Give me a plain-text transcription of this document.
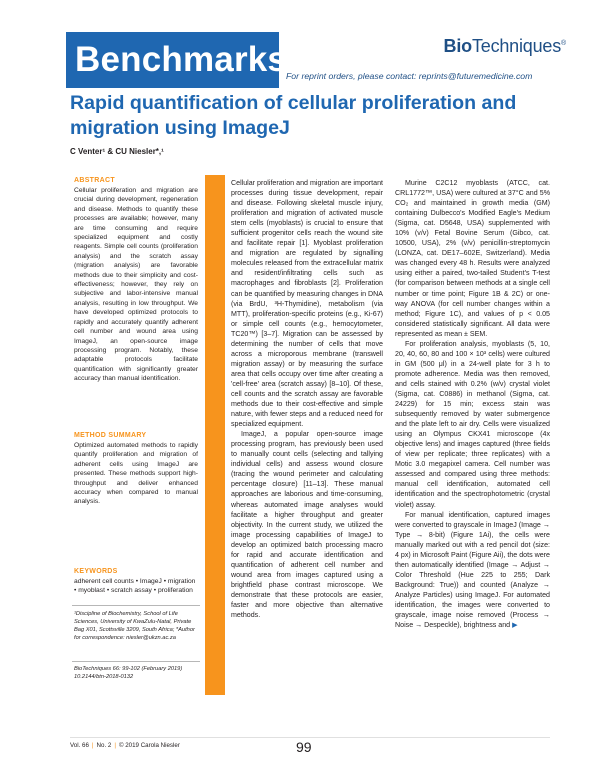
Benchmarks	BioTechniques®
For reprint orders, please contact: reprints@futuremedicine.com
Rapid quantification of cellular proliferation and migration using ImageJ
C Venter¹ & CU Niesler*,¹
ABSTRACT
Cellular proliferation and migration are crucial during development, regeneration and disease. Methods to quantify these processes are available; however, many are time consuming and require specialized equipment and costly reagents. Simple cell counts (proliferation analysis) and the scratch assay (migration analysis) are favorable methods due to their simplicity and cost-effectiveness; however, they rely on subjective and labor-intensive manual analysis, resulting in low throughput. We have developed optimized protocols to rapidly and accurately quantify adherent cell number and wound area using ImageJ, an open-source image processing program. Notably, these adaptable protocols facilitate quantification with significantly greater accuracy than manual identification.
METHOD SUMMARY
Optimized automated methods to rapidly quantify proliferation and migration of adherent cells using ImageJ are presented. These methods support high-throughput and deliver enhanced accuracy when compared to manual analysis.
KEYWORDS
adherent cell counts • ImageJ • migration • myoblast • scratch assay • proliferation
¹Discipline of Biochemistry, School of Life Sciences, University of KwaZulu-Natal, Private Bag X01, Scottsville 3209, South Africa; *Author for correspondence: niesler@ukzn.ac.za
BioTechniques 66: 99-102 (February 2019)
10.2144/btn-2018-0132

Cellular proliferation and migration are important processes during tissue development, repair and disease. Following skeletal muscle injury, proliferation and migration of activated muscle stem cells (myoblasts) is crucial to ensure that sufficient progenitor cells reach the wound site and facilitate repair [1]. Myoblast proliferation and migration are regulated by signalling molecules released from the extracellular matrix and resident/infiltrating cells such as macrophages and fibroblasts [2]. Proliferation can be quantified by measuring changes in DNA (via BrdU, ³H-Thymidine), metabolism (via MTT), proliferation-specific proteins (e.g., Ki-67) or simple cell counts (e.g., hemocytometer, TC20™) [3–7]. Migration can be assessed by determining the number of cells that move across a microporous membrane (transwell migration assay) or by measuring the surface area that cells occupy over time after creating a 'cell-free' area (scratch assay) [8–10]. Of these, cell counts and the scratch assay are favorable methods due to their cost-effective and simple nature, with fewer steps and a reduced need for specialized equipment.

ImageJ, a popular open-source image processing program, has previously been used to manually count cells (selecting and tallying individual cells) and assess wound closure (tracing the wound perimeter and calculating percentage closure) [11–13]. These manual approaches are laborious and time-consuming, whereas automated image analyses would facilitate a higher throughput and greater objectivity. In the current study, we utilized the image processing capabilities of ImageJ to develop an optimized batch processing macro for rapid and accurate identification and quantification of adherent cell number and wound area from images captured using a brightfield phase contrast microscope. We demonstrate that these protocols are easier, faster and more objective than alternative methods.

Murine C2C12 myoblasts (ATCC, cat. CRL1772™, USA) were cultured at 37°C and 5% CO₂ and maintained in growth media (GM) containing Dulbecco's Modified Eagle's Medium (Sigma, cat. D5648, USA) supplemented with 10% (v/v) Fetal Bovine Serum (Gibco, cat. 10500, USA), 2% (v/v) penicillin-streptomycin (LONZA, cat. DE17–602E, Switzerland). Media was changed every 48 h. Results were analyzed using either a paired, two-tailed Student's T-test (for comparison between methods at a single cell number or time point; Figure 1B & 2C) or one-way ANOVA (for cell number changes within a method; Figure 1C), and values of p < 0.05 considered statistically significant. All data were represented as mean ± SEM.

For proliferation analysis, myoblasts (5, 10, 20, 40, 60, 80 and 100 × 10³ cells) were cultured in GM (500 μl) in a 24-well plate for 3 h to promote adherence. Media was then removed, and cells stained with 0.2% (w/v) crystal violet (Sigma, cat. C0886) in methanol (Sigma, cat. 24229) for 15 min; excess stain was subsequently removed by water submergence and the plate left to air dry. Cells were visualized using an Olympus CKX41 microscope (4x objective lens) and images captured (three fields of view per replicate; three replicates) with a Motic 3.0 megapixel camera. Cell number was assessed and compared using three methods: manual cell identification, automated cell identification and the spectrophotometric (crystal violet) assay.

For manual identification, captured images were converted to grayscale in ImageJ (Image → Type → 8-bit) (Figure 1Ai), the cells were manually marked out with a red pencil dot (size: 4 px) in Microsoft Paint (Figure Aii), the dots were then automatically identified (Image → Adjust → Color Threshold (Hue 225 to 255; Dark Background: True)) and counted (Analyze → Analyze Particles) using ImageJ. For automated identification, the images were converted to grayscale, image noise removed (Process → Noise → Despeckle), brightness and ▶

Vol. 66 | No. 2 | © 2019 Carola Niesler	99
